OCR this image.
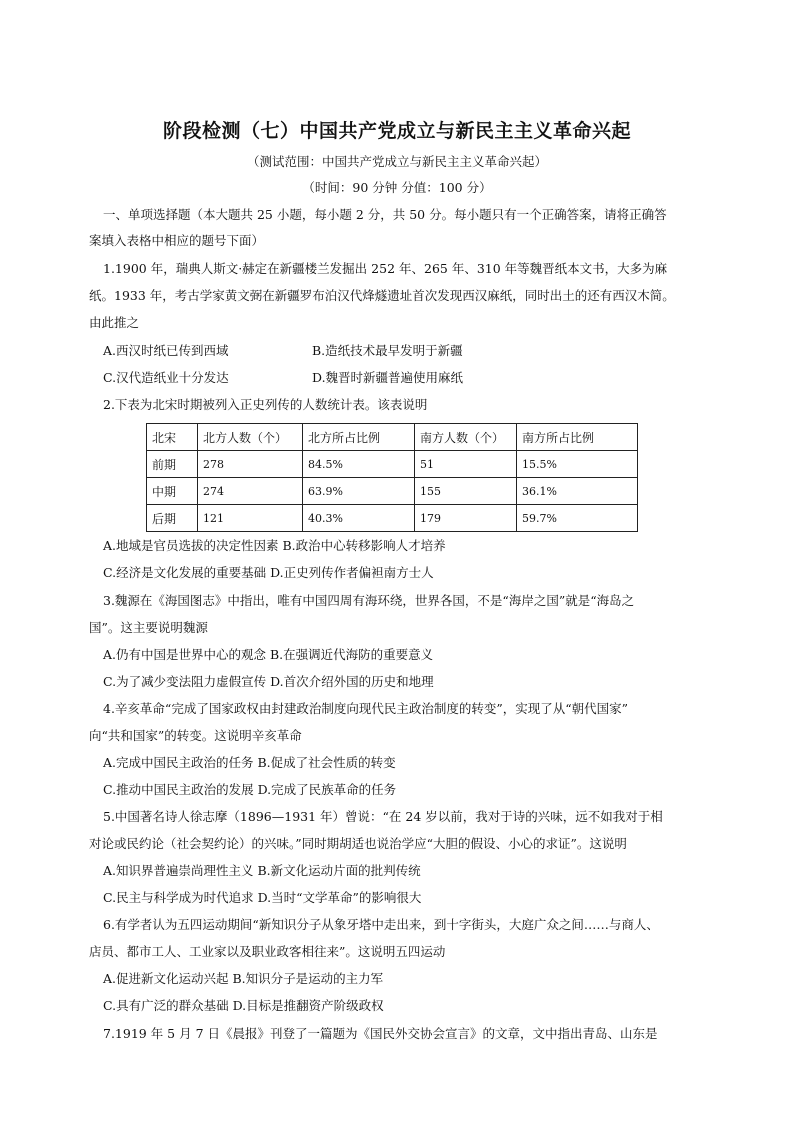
阶段检测（七）中国共产党成立与新民主主义革命兴起
（测试范围：中国共产党成立与新民主主义革命兴起）
（时间：90 分钟 分值：100 分）
一、单项选择题（本大题共 25 小题，每小题 2 分，共 50 分。每小题只有一个正确答案，请将正确答
案填入表格中相应的题号下面）
1.1900 年，瑞典人斯文·赫定在新疆楼兰发掘出 252 年、265 年、310 年等魏晋纸本文书，大多为麻
纸。1933 年，考古学家黄文弼在新疆罗布泊汉代烽燧遗址首次发现西汉麻纸，同时出土的还有西汉木简。
由此推之
A.西汉时纸已传到西域	B.造纸技术最早发明于新疆
C.汉代造纸业十分发达	D.魏晋时新疆普遍使用麻纸
2.下表为北宋时期被列入正史列传的人数统计表。该表说明
北宋	北方人数（个）	北方所占比例	南方人数（个）	南方所占比例
前期	278	84.5%	51	15.5%
中期	274	63.9%	155	36.1%
后期	121	40.3%	179	59.7%
A.地域是官员选拔的决定性因素 B.政治中心转移影响人才培养
C.经济是文化发展的重要基础 D.正史列传作者偏袒南方士人
3.魏源在《海国图志》中指出，唯有中国四周有海环绕，世界各国，不是“海岸之国”就是“海岛之
国”。这主要说明魏源
A.仍有中国是世界中心的观念 B.在强调近代海防的重要意义
C.为了减少变法阻力虚假宣传 D.首次介绍外国的历史和地理
4.辛亥革命“完成了国家政权由封建政治制度向现代民主政治制度的转变”，实现了从“朝代国家”
向“共和国家”的转变。这说明辛亥革命
A.完成中国民主政治的任务 B.促成了社会性质的转变
C.推动中国民主政治的发展 D.完成了民族革命的任务
5.中国著名诗人徐志摩（1896—1931 年）曾说：“在 24 岁以前，我对于诗的兴味，远不如我对于相
对论或民约论（社会契约论）的兴味。”同时期胡适也说治学应“大胆的假设、小心的求证”。这说明
A.知识界普遍崇尚理性主义 B.新文化运动片面的批判传统
C.民主与科学成为时代追求 D.当时“文学革命”的影响很大
6.有学者认为五四运动期间“新知识分子从象牙塔中走出来，到十字街头，大庭广众之间……与商人、
店员、都市工人、工业家以及职业政客相往来”。这说明五四运动
A.促进新文化运动兴起 B.知识分子是运动的主力军
C.具有广泛的群众基础 D.目标是推翻资产阶级政权
7.1919 年 5 月 7 日《晨报》刊登了一篇题为《国民外交协会宣言》的文章，文中指出青岛、山东是
